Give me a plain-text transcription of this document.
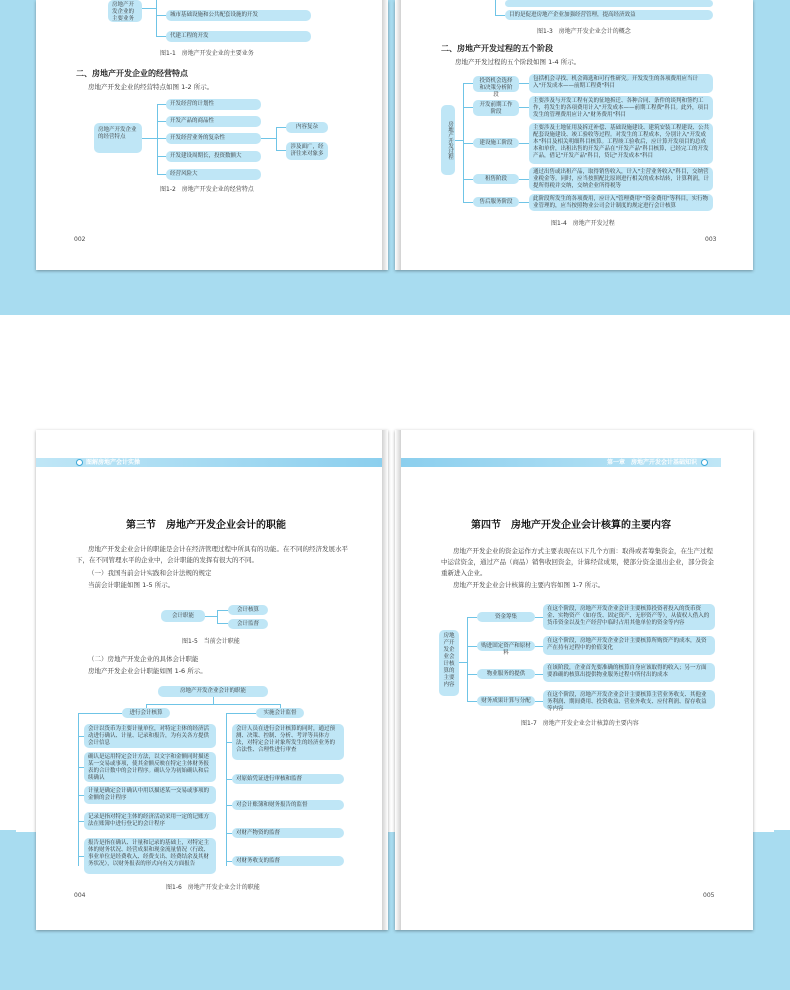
房地产开发企业的主要业务
城市基础设施和公共配套设施的开发
代建工程的开发
图1-1　房地产开发企业的主要业务
二、房地产开发企业的经营特点
房地产开发企业的经营特点如图 1-2 所示。
房地产开发企业的经营特点
开发经营的计划性
开发产品的商品性
开发经营业务的复杂性
开发建设周期长，投资数额大
经营风险大
内容复杂
涉及面广，经济往来对象多
图1-2　房地产开发企业的经营特点
002
目的是促进房地产企业加强经营管理，提高经济效益
图1-3　房地产开发企业会计的概念
二、房地产开发过程的五个阶段
房地产开发过程的五个阶段如图 1-4 所示。
房地产开发过程
投资机会选择和决策分析阶段
开发前期工作阶段
建设施工阶段
租售阶段
售后服务阶段
包括机会寻找、机会筛选和可行性研究。开发发生的各项费用应当计入"开发成本——前期工程费"科目
主要涉及与开发工程有关的征地拆迁、各种合同、条件的谈判和签约工作，将发生的各项费用计入"开发成本——前期工程费"科目。此外，项目发生的管理费用应计入"财务费用"科目
主要涉及土地征用及拆迁补偿、基础设施建设、建筑安装工程建设、公共配套设施建设、竣工验收等过程。对发生的工程成本，分别计入"开发成本"科目及相关明细科目核算。工程竣工验收后，应计算开发项目的总成本和单价，出租出售的开发产品在"开发产品"科目核算，已经完工的开发产品，借记"开发产品"科目，贷记"开发成本"科目
通过出售或出租产品，取得销售收入，计入"主营业务收入"科目，交纳营业税金等。同时，应当按照配比原则进行相关的成本结转，计算利润，计提所得税并交纳，交纳企业所得税等
此阶段所发生的各项费用，应计入"管理费用""资金费用"等科目，实行物业管理的，应当按照物业公司会计制度的规定进行会计核算
图1-4　房地产开发过程
003
图解房地产会计实操
第三节　房地产开发企业会计的职能
房地产开发企业会计的职能是会计在经济管理过程中所具有的功能。在不同的经济发展水平下，在不同管理水平的企业中，会计职能的发挥有很大的不同。
（一）我国当前会计实践和会计法规的规定
当前会计职能如图 1-5 所示。
会计职能
会计核算
会计监督
图1-5　当前会计职能
（二）房地产开发企业的具体会计职能
房地产开发企业会计职能如图 1-6 所示。
房地产开发企业会计的职能
进行会计核算	实施会计监督
会计以货币为主要计量单位，对特定主体的经济活动进行确认、计量、记录和报告，为有关各方提供会计信息
确认是运用特定会计方法，以文字和金额同时描述某一交易或事项，使其金额反映在特定主体财务报表的合计数中的会计程序。确认分为初始确认和后续确认
计量是确定会计确认中用以描述某一交易或事项的金额的会计程序
记录是指对特定主体的经济活动采用一定的记账方法在账簿中进行登记的会计程序
报告是指在确认、计量和记录的基础上，对特定主体的财务状况、经营成果和现金流量情况（行政、事业单位是经费收入、经费支出、经费结余及其财务状况），以财务报表的形式向有关方面报告
会计人员在进行会计核算的同时，通过预测、决策、控制、分析、考评等具体方法，对特定会计对象所发生的经济业务的合法性、合理性进行审查
对原始凭证进行审核和监督
对会计账簿和财务报告的监督
对财产物资的监督
对财务收支的监督
图1-6　房地产开发企业会计的职能
004
第一章　房地产开发会计基础知识
第四节　房地产开发企业会计核算的主要内容
房地产开发企业的资金运作方式主要表现在以下几个方面：取得或者筹集资金，在生产过程中运营资金，通过产品（商品）销售收回资金，计算经营成果，使部分资金退出企业，部分资金重新进入企业。
房地产开发企业会计核算的主要内容如图 1-7 所示。
房地产开发企业会计核算的主要内容
资金筹集
购进固定资产和原材料
物业服务的提供
财务成果计算与分配
在这个阶段，房地产开发企业会计主要核算投资者投入的货币资金、实物资产（如存货、固定资产、无形资产等），从债权人借入的货币资金以及生产经营中临时占用其他单位的资金等内容
在这个阶段，房地产开发企业会计主要核算所购资产的成本，及资产在持有过程中的价值变化
在该阶段，企业首先要准确的核算自身应该取得的收入；另一方面要准确的核算出提供物业服务过程中所付出的成本
在这个阶段，房地产开发企业会计主要核算主营业务收支、其他业务利润、期间费用、投资收益、营业外收支、应付利润、留存收益等内容
图1-7　房地产开发企业会计核算的主要内容
005
